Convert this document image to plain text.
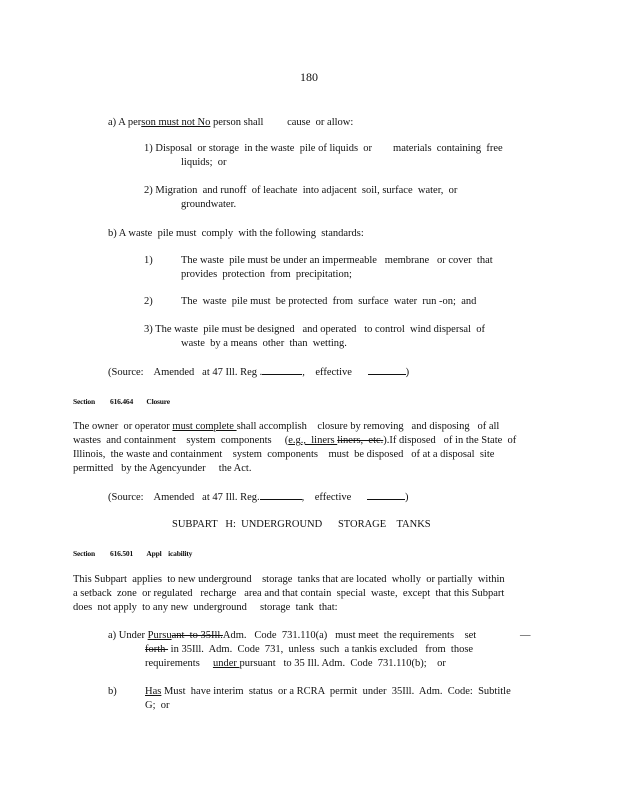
180
a) A person must not No person shall         cause  or allow:
1) Disposal  or storage  in the waste  pile of liquids  or        materials  containing  free
liquids;  or
2) Migration  and runoff  of leachate  into adjacent  soil, surface  water,  or
groundwater.
b) A waste  pile must  comply  with the following  standards:
1)	The waste  pile must be under an impermeable   membrane   or cover  that
provides  protection  from  precipitation;
2)	The  waste  pile must  be protected  from  surface  water  run -on;  and
3) The waste  pile must be designed   and operated   to control  wind dispersal  of
waste  by a means  other  than  wetting.
(Source:    Amended   at 47 Ill. Reg .	,    effective	)
Section 616.464 Closure
The owner  or operator must complete shall accomplish    closure by removing   and disposing   of all
wastes  and containment    system  components     (e.g.,  liners liners,  etc.).If disposed   of in the State  of
Illinois,  the waste and containment    system  components    must  be disposed   of at a disposal  site
permitted   by the Agencyunder     the Act.
(Source:    Amended   at 47 Ill. Reg.	,    effective	)
SUBPART   H:  UNDERGROUND      STORAGE    TANKS
Section 616.501 Appl    icability
This Subpart  applies  to new underground    storage  tanks that are located  wholly  or partially  within
a setback  zone  or regulated   recharge   area and that contain  special  waste,  except  that this Subpart
does  not apply  to any new  underground     storage  tank  that:
a) Under Pursuant  to 35Ill.Adm.   Code  731.110(a)   must meet  the requirements    set	—
forth  in 35Ill.  Adm.  Code  731,  unless  such  a tankis excluded   from  those
requirements     under pursuant   to 35 Ill. Adm.  Code  731.110(b);    or
b)	Has Must  have interim  status  or a RCRA  permit  under  35Ill.  Adm.  Code:  Subtitle
G;  or
